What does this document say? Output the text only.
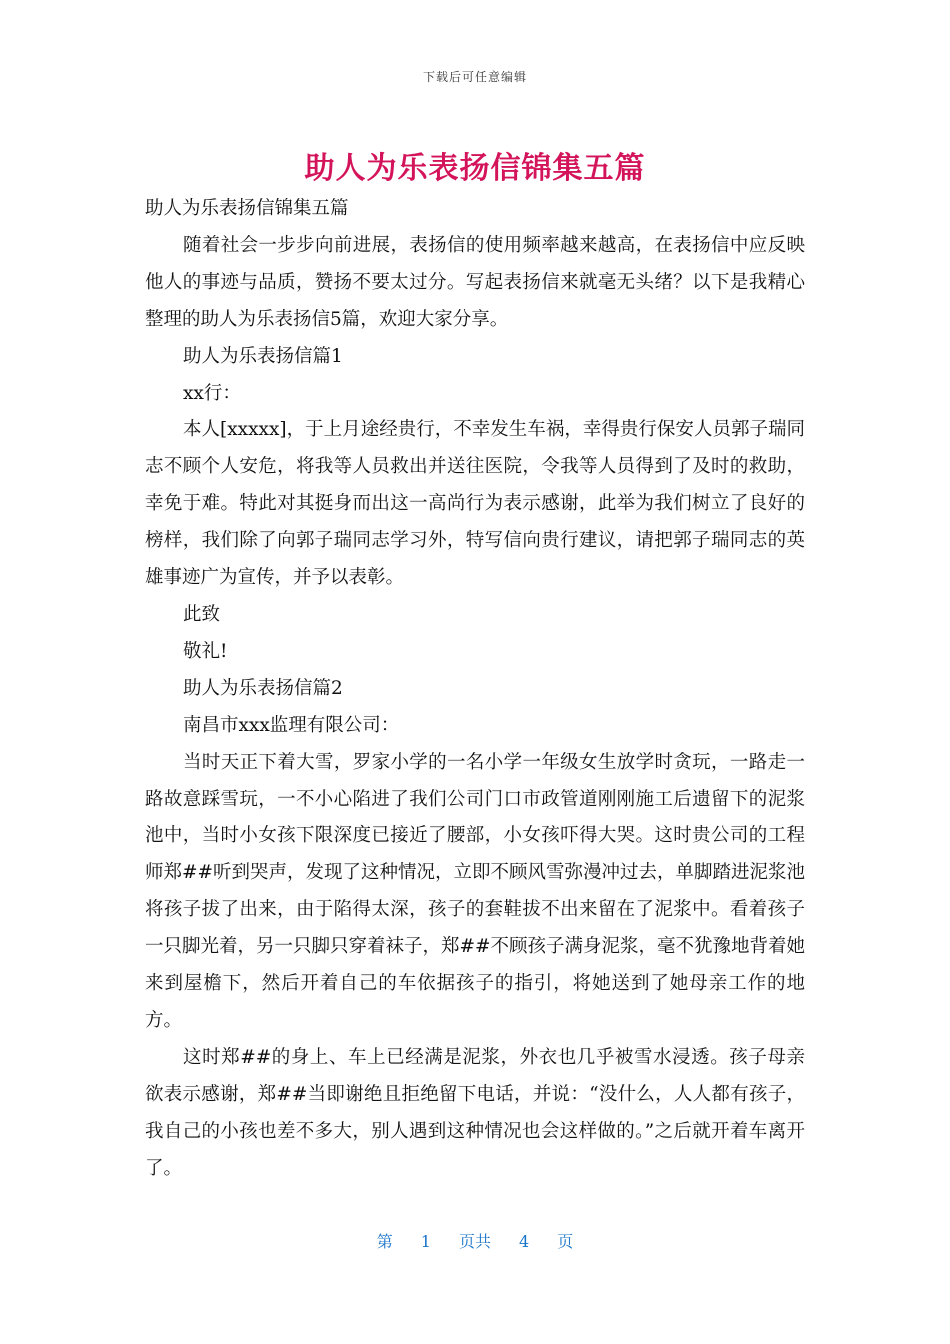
下载后可任意编辑
助人为乐表扬信锦集五篇

助人为乐表扬信锦集五篇

随着社会一步步向前进展，表扬信的使用频率越来越高，在表扬信中应反映他人的事迹与品质，赞扬不要太过分。写起表扬信来就毫无头绪？以下是我精心整理的助人为乐表扬信5篇，欢迎大家分享。

助人为乐表扬信篇1

xx行：

本人[xxxxx]，于上月途经贵行，不幸发生车祸，幸得贵行保安人员郭子瑞同志不顾个人安危，将我等人员救出并送往医院，令我等人员得到了及时的救助，幸免于难。特此对其挺身而出这一高尚行为表示感谢，此举为我们树立了良好的榜样，我们除了向郭子瑞同志学习外，特写信向贵行建议，请把郭子瑞同志的英雄事迹广为宣传，并予以表彰。

此致

敬礼!

助人为乐表扬信篇2

南昌市xxx监理有限公司：

当时天正下着大雪，罗家小学的一名小学一年级女生放学时贪玩，一路走一路故意踩雪玩，一不小心陷进了我们公司门口市政管道刚刚施工后遗留下的泥浆池中，当时小女孩下限深度已接近了腰部，小女孩吓得大哭。这时贵公司的工程师郑##听到哭声，发现了这种情况，立即不顾风雪弥漫冲过去，单脚踏进泥浆池将孩子拔了出来，由于陷得太深，孩子的套鞋拔不出来留在了泥浆中。看着孩子一只脚光着，另一只脚只穿着袜子，郑##不顾孩子满身泥浆，毫不犹豫地背着她来到屋檐下，然后开着自己的车依据孩子的指引，将她送到了她母亲工作的地方。

这时郑##的身上、车上已经满是泥浆，外衣也几乎被雪水浸透。孩子母亲欲表示感谢，郑##当即谢绝且拒绝留下电话，并说：“没什么，人人都有孩子，我自己的小孩也差不多大，别人遇到这种情况也会这样做的。”之后就开着车离开了。

第 1 页共 4 页
